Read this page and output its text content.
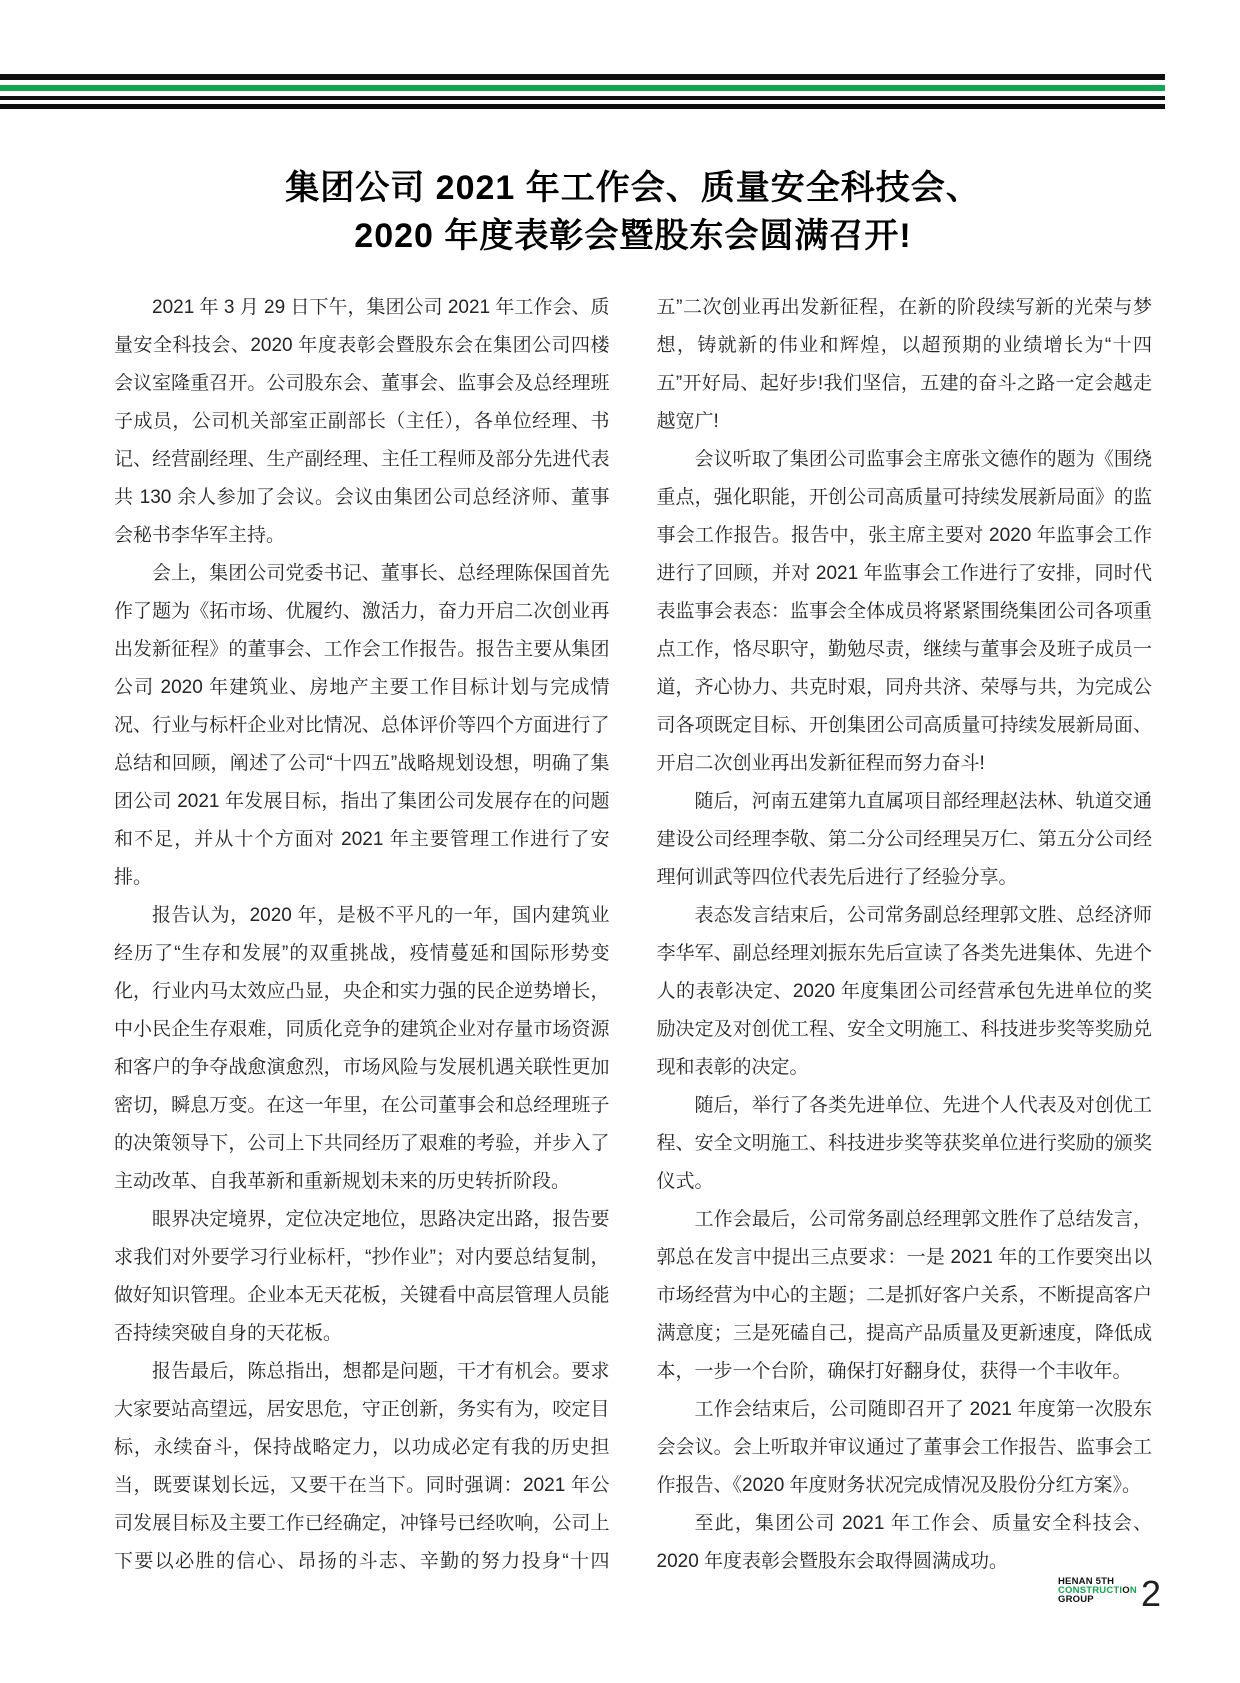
集团公司 2021 年工作会、质量安全科技会、
2020 年度表彰会暨股东会圆满召开!

2021 年 3 月 29 日下午，集团公司 2021 年工作会、质量安全科技会、2020 年度表彰会暨股东会在集团公司四楼会议室隆重召开。公司股东会、董事会、监事会及总经理班子成员，公司机关部室正副部长（主任），各单位经理、书记、经营副经理、生产副经理、主任工程师及部分先进代表共 130 余人参加了会议。会议由集团公司总经济师、董事会秘书李华军主持。

会上，集团公司党委书记、董事长、总经理陈保国首先作了题为《拓市场、优履约、激活力，奋力开启二次创业再出发新征程》的董事会、工作会工作报告。报告主要从集团公司 2020 年建筑业、房地产主要工作目标计划与完成情况、行业与标杆企业对比情况、总体评价等四个方面进行了总结和回顾，阐述了公司“十四五”战略规划设想，明确了集团公司 2021 年发展目标，指出了集团公司发展存在的问题和不足，并从十个方面对 2021 年主要管理工作进行了安排。

报告认为，2020 年，是极不平凡的一年，国内建筑业经历了“生存和发展”的双重挑战，疫情蔓延和国际形势变化，行业内马太效应凸显，央企和实力强的民企逆势增长，中小民企生存艰难，同质化竞争的建筑企业对存量市场资源和客户的争夺战愈演愈烈，市场风险与发展机遇关联性更加密切，瞬息万变。在这一年里，在公司董事会和总经理班子的决策领导下，公司上下共同经历了艰难的考验，并步入了主动改革、自我革新和重新规划未来的历史转折阶段。

眼界决定境界，定位决定地位，思路决定出路，报告要求我们对外要学习行业标杆，“抄作业”；对内要总结复制，做好知识管理。企业本无天花板，关键看中高层管理人员能否持续突破自身的天花板。

报告最后，陈总指出，想都是问题，干才有机会。要求大家要站高望远，居安思危，守正创新，务实有为，咬定目标，永续奋斗，保持战略定力，以功成必定有我的历史担当，既要谋划长远，又要干在当下。同时强调：2021 年公司发展目标及主要工作已经确定，冲锋号已经吹响，公司上下要以必胜的信心、昂扬的斗志、辛勤的努力投身“十四五”二次创业再出发新征程，在新的阶段续写新的光荣与梦想，铸就新的伟业和辉煌，以超预期的业绩增长为“十四五”开好局、起好步!我们坚信，五建的奋斗之路一定会越走越宽广!

会议听取了集团公司监事会主席张文德作的题为《围绕重点，强化职能，开创公司高质量可持续发展新局面》的监事会工作报告。报告中，张主席主要对 2020 年监事会工作进行了回顾，并对 2021 年监事会工作进行了安排，同时代表监事会表态：监事会全体成员将紧紧围绕集团公司各项重点工作，恪尽职守，勤勉尽责，继续与董事会及班子成员一道，齐心协力、共克时艰，同舟共济、荣辱与共，为完成公司各项既定目标、开创集团公司高质量可持续发展新局面、开启二次创业再出发新征程而努力奋斗!

随后，河南五建第九直属项目部经理赵法林、轨道交通建设公司经理李敬、第二分公司经理吴万仁、第五分公司经理何训武等四位代表先后进行了经验分享。

表态发言结束后，公司常务副总经理郭文胜、总经济师李华军、副总经理刘振东先后宣读了各类先进集体、先进个人的表彰决定、2020 年度集团公司经营承包先进单位的奖励决定及对创优工程、安全文明施工、科技进步奖等奖励兑现和表彰的决定。

随后，举行了各类先进单位、先进个人代表及对创优工程、安全文明施工、科技进步奖等获奖单位进行奖励的颁奖仪式。

工作会最后，公司常务副总经理郭文胜作了总结发言，郭总在发言中提出三点要求：一是 2021 年的工作要突出以市场经营为中心的主题；二是抓好客户关系，不断提高客户满意度；三是死磕自己，提高产品质量及更新速度，降低成本，一步一个台阶，确保打好翻身仗，获得一个丰收年。

工作会结束后，公司随即召开了 2021 年度第一次股东会会议。会上听取并审议通过了董事会工作报告、监事会工作报告、《2020 年度财务状况完成情况及股份分红方案》。

至此，集团公司 2021 年工作会、质量安全科技会、2020 年度表彰会暨股东会取得圆满成功。

HENAN 5TH
CONSTRUCTION
GROUP	2
